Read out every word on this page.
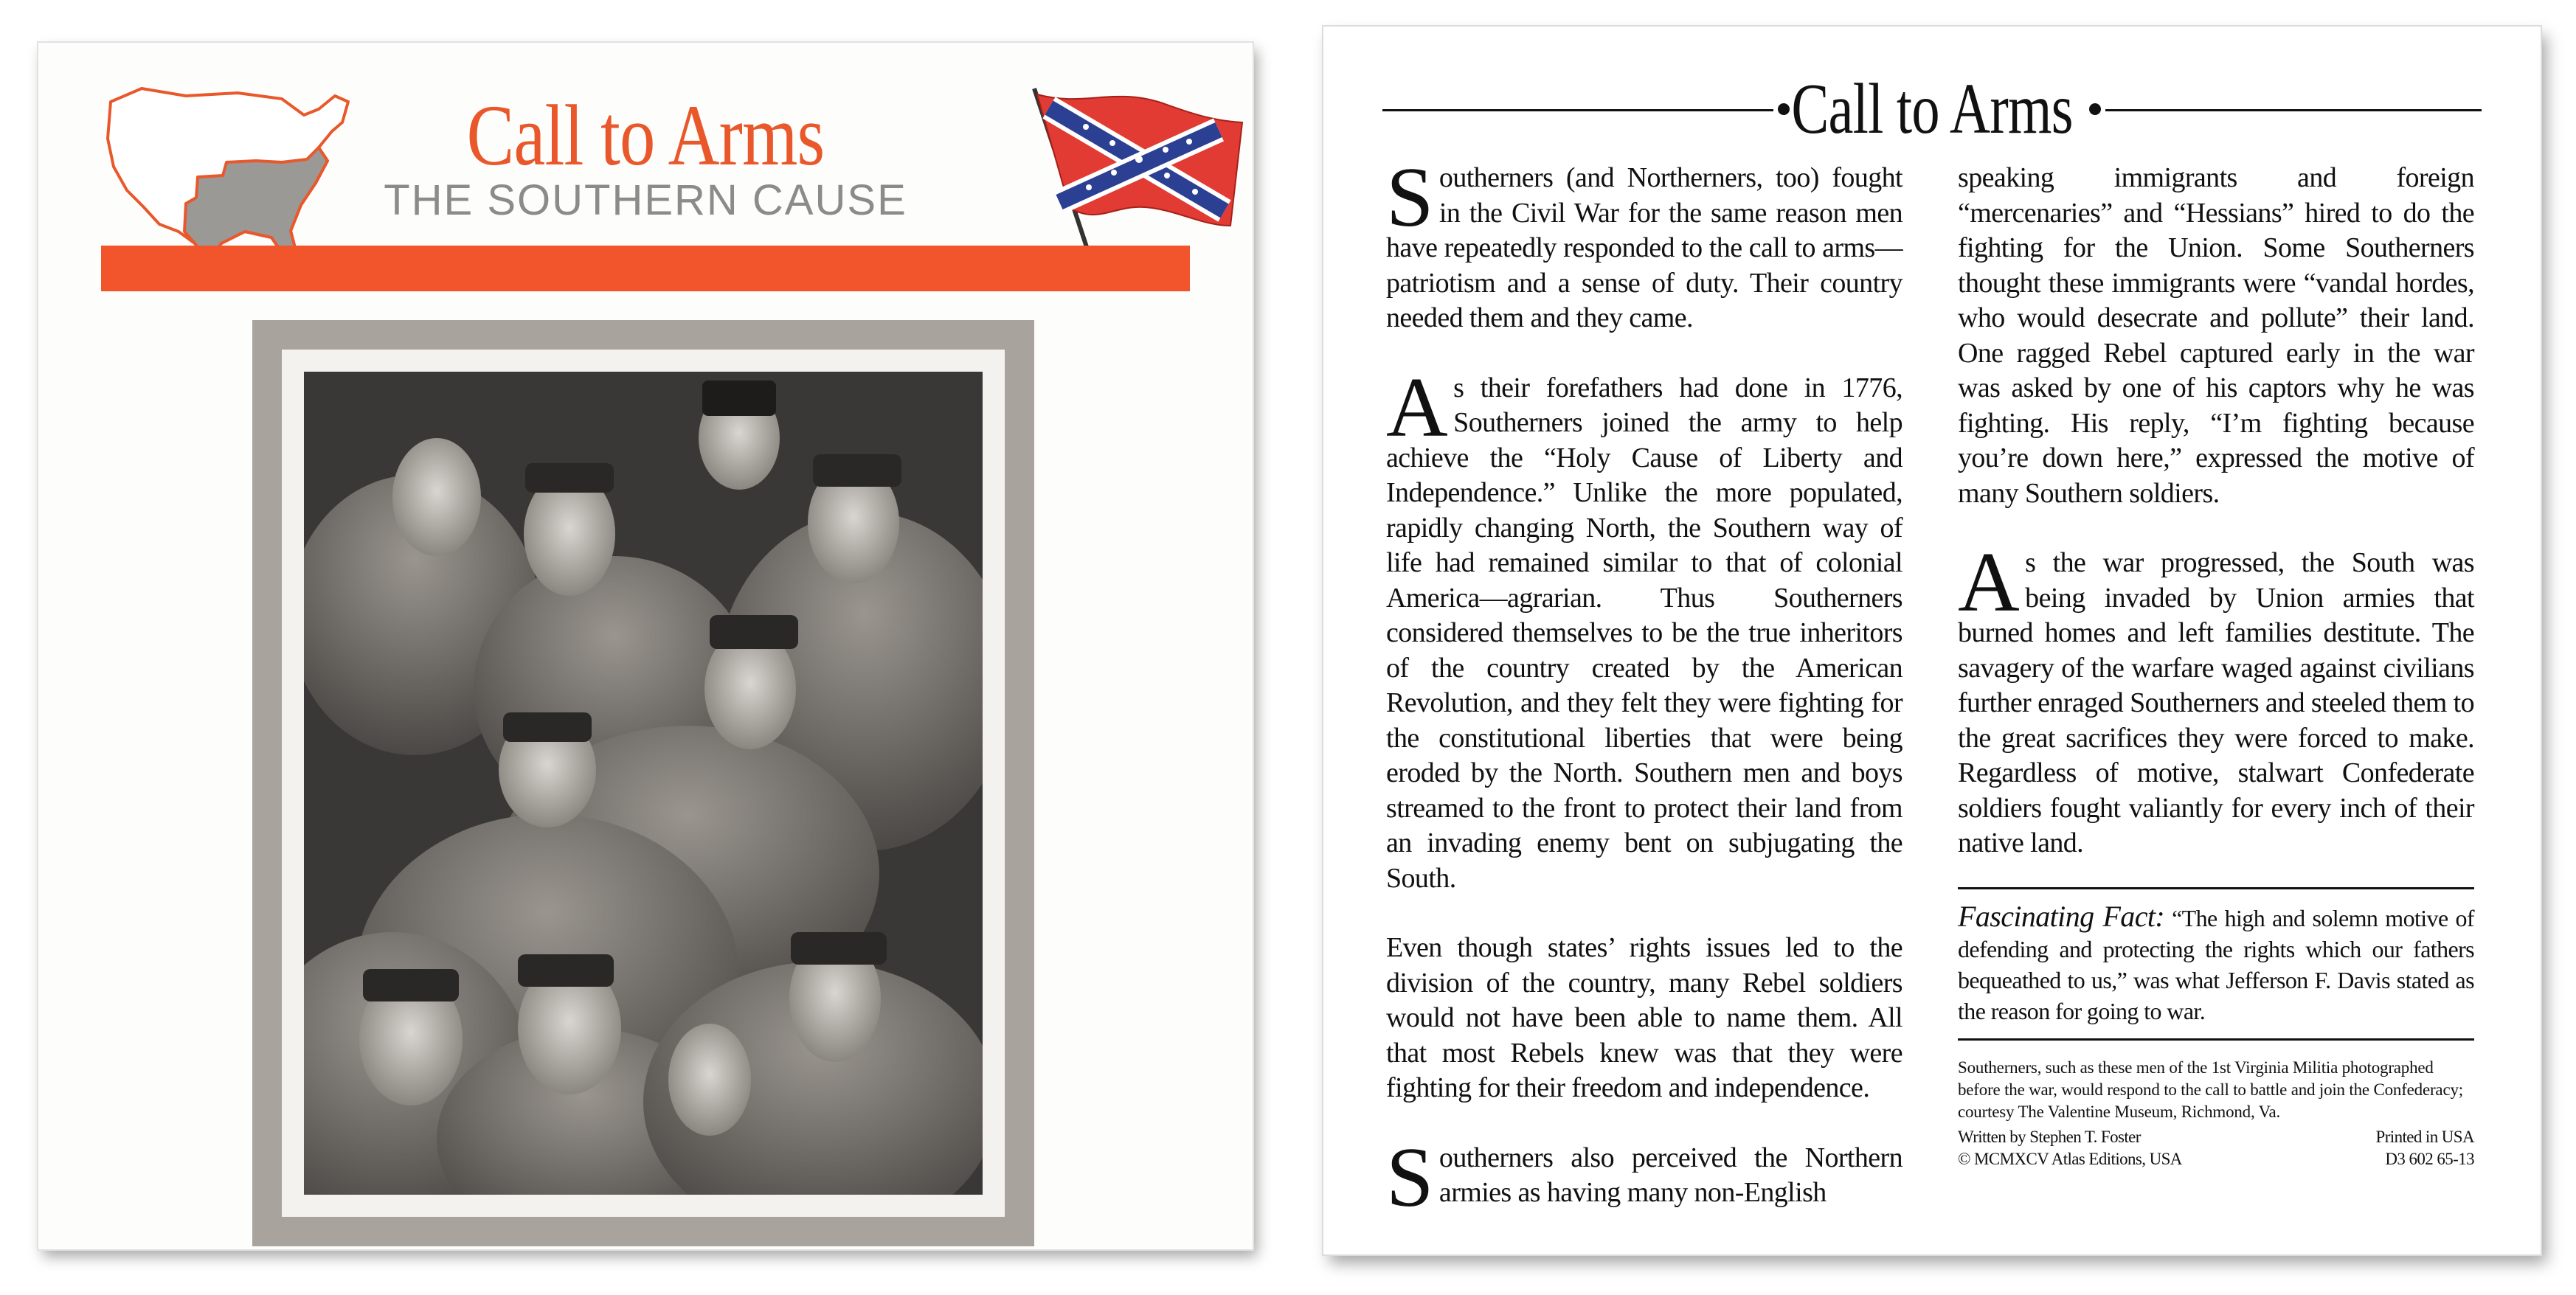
Call to Arms
THE SOUTHERN CAUSE
Call to Arms

Southerners (and Northerners, too) fought in the Civil War for the same reason men have repeatedly responded to the call to arms—patriotism and a sense of duty. Their country needed them and they came.

As their forefathers had done in 1776, Southerners joined the army to help achieve the “Holy Cause of Liberty and Independence.” Unlike the more populated, rapidly changing North, the Southern way of life had remained similar to that of colonial America—agrarian. Thus Southerners considered themselves to be the true inheritors of the country created by the American Revolution, and they felt they were fighting for the constitutional liberties that were being eroded by the North. Southern men and boys streamed to the front to protect their land from an invading enemy bent on subjugating the South.

Even though states’ rights issues led to the division of the country, many Rebel soldiers would not have been able to name them. All that most Rebels knew was that they were fighting for their freedom and independence.

Southerners also perceived the Northern armies as having many non-English

speaking immigrants and foreign “mercenaries” and “Hessians” hired to do the fighting for the Union. Some Southerners thought these immigrants were “vandal hordes, who would desecrate and pollute” their land. One ragged Rebel captured early in the war was asked by one of his captors why he was fighting. His reply, “I’m fighting because you’re down here,” expressed the motive of many Southern soldiers.

As the war progressed, the South was being invaded by Union armies that burned homes and left families destitute. The savagery of the warfare waged against civilians further enraged Southerners and steeled them to the great sacrifices they were forced to make. Regardless of motive, stalwart Confederate soldiers fought valiantly for every inch of their native land.

Fascinating Fact: “The high and solemn motive of defending and protecting the rights which our fathers bequeathed to us,” was what Jefferson F. Davis stated as the reason for going to war.
Southerners, such as these men of the 1st Virginia Militia photographed before the war, would respond to the call to battle and join the Confederacy; courtesy The Valentine Museum, Richmond, Va.
Written by Stephen T. Foster
© MCMXCV Atlas Editions, USA
Printed in USA
D3 602 65-13
